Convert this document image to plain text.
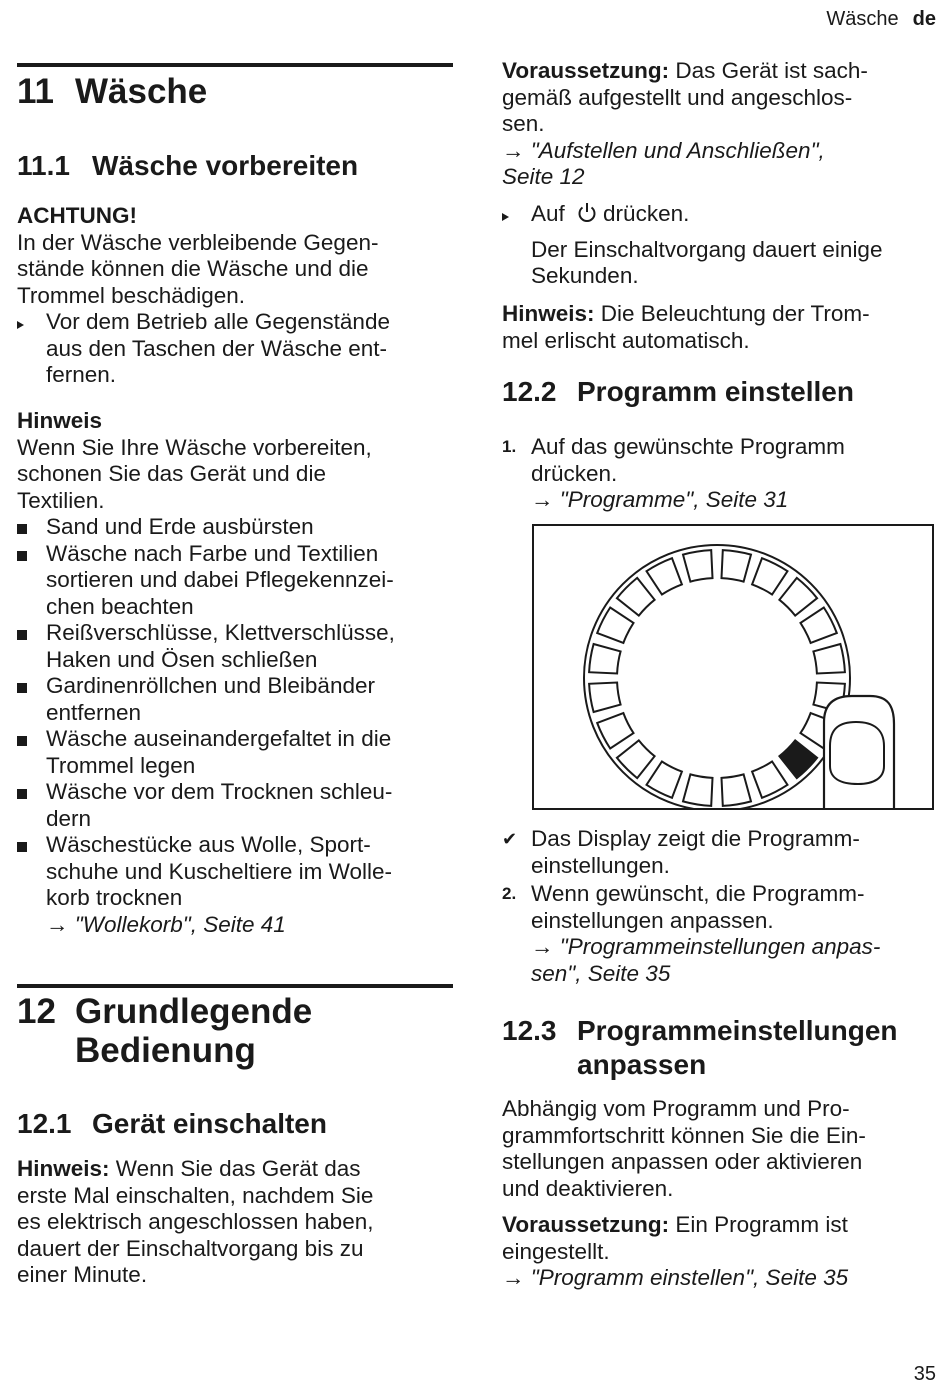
Wäsche de
11 Wäsche
11.1 Wäsche vorbereiten

ACHTUNG!

In der Wäsche verbleibende Gegen-

stände können die Wäsche und die

Trommel beschädigen.

Vor dem Betrieb alle Gegenstände

aus den Taschen der Wäsche ent-

fernen.

Hinweis

Wenn Sie Ihre Wäsche vorbereiten,

schonen Sie das Gerät und die

Textilien.

Sand und Erde ausbürsten

Wäsche nach Farbe und Textilien

sortieren und dabei Pflegekennzei-

chen beachten

Reißverschlüsse, Klettverschlüsse,

Haken und Ösen schließen

Gardinenröllchen und Bleibänder

entfernen

Wäsche auseinandergefaltet in die

Trommel legen

Wäsche vor dem Trocknen schleu-

dern

Wäschestücke aus Wolle, Sport-

schuhe und Kuscheltiere im Wolle-

korb trocknen

→ "Wollekorb", Seite 41

12 Grundlegende
Bedienung
12.1 Gerät einschalten

Hinweis: Wenn Sie das Gerät das

erste Mal einschalten, nachdem Sie

es elektrisch angeschlossen haben,

dauert der Einschaltvorgang bis zu

einer Minute.

Voraussetzung: Das Gerät ist sach-

gemäß aufgestellt und angeschlos-

sen.

→ "Aufstellen und Anschließen",

Seite 12

Auf drücken.

Der Einschaltvorgang dauert einige

Sekunden.

Hinweis: Die Beleuchtung der Trom-

mel erlischt automatisch.

12.2 Programm einstellen
1. Auf das gewünschte Programm

drücken.

→ "Programme", Seite 31

✔ Das Display zeigt die Programm-

einstellungen.

2. Wenn gewünscht, die Programm-

einstellungen anpassen.

→ "Programmeinstellungen anpas-

sen", Seite 35

12.3 Programmeinstellungen
anpassen

Abhängig vom Programm und Pro-

grammfortschritt können Sie die Ein-

stellungen anpassen oder aktivieren

und deaktivieren.

Voraussetzung: Ein Programm ist

eingestellt.

→ "Programm einstellen", Seite 35

35
